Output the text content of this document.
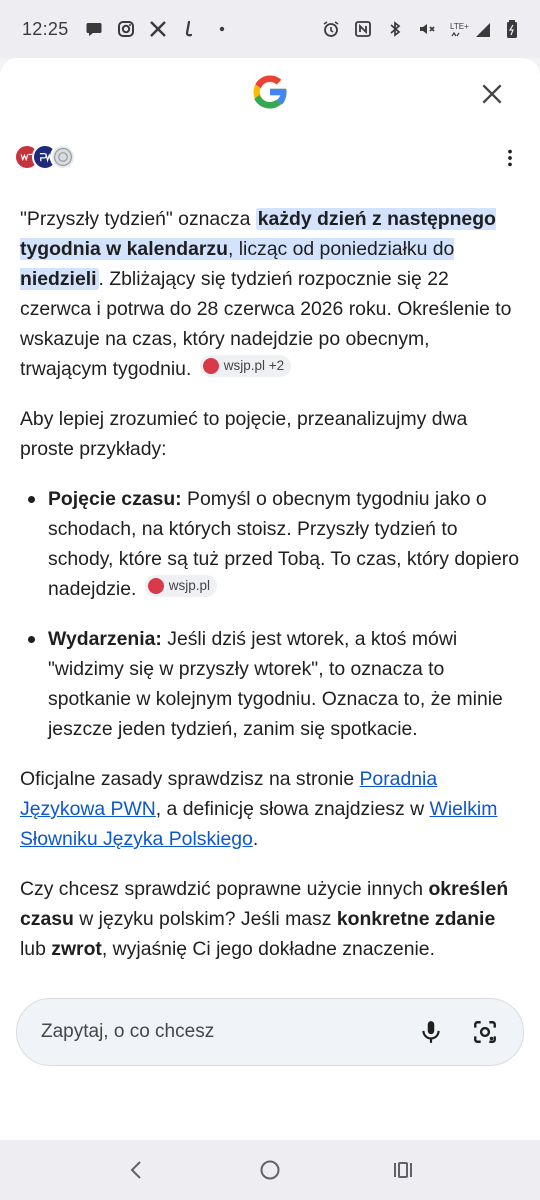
12:25	LTE+

"Przyszły tydzień" oznacza każdy dzień z następnego tygodnia w kalendarzu, licząc od poniedziałku do niedzieli . Zbliżający się tydzień rozpocznie się 22 czerwca i potrwa do 28 czerwca 2026 roku. Określenie to wskazuje na czas, który nadejdzie po obecnym, trwającym tygodniu. wsjp.pl +2

Aby lepiej zrozumieć to pojęcie, przeanalizujmy dwa proste przykłady:

Pojęcie czasu: Pomyśl o obecnym tygodniu jako o schodach, na których stoisz. Przyszły tydzień to schody, które są tuż przed Tobą. To czas, który dopiero nadejdzie. wsjp.pl
Wydarzenia: Jeśli dziś jest wtorek, a ktoś mówi "widzimy się w przyszły wtorek", to oznacza to spotkanie w kolejnym tygodniu. Oznacza to, że minie jeszcze jeden tydzień, zanim się spotkacie.

Oficjalne zasady sprawdzisz na stronie Poradnia Językowa PWN, a definicję słowa znajdziesz w Wielkim Słowniku Języka Polskiego.

Czy chcesz sprawdzić poprawne użycie innych określeń czasu w języku polskim? Jeśli masz konkretne zdanie lub zwrot, wyjaśnię Ci jego dokładne znaczenie.

Zapytaj, o co chcesz
